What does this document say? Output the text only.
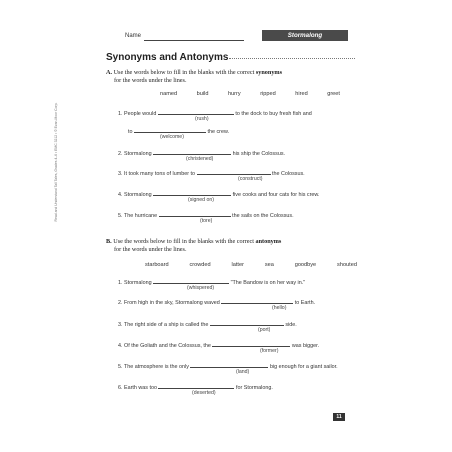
Name	Stormalong
Synonyms and Antonyms
A. Use the words below to fill in the blanks with the correct synonyms
for the words under the lines.
named	build	hurry	ripped	hired	greet
1. People would	to the dock to buy fresh fish and
(rush)
to	the crew.
(welcome)
2. Stormalong	his ship the Colossus.
(christened)
3. It took many tons of lumber to	the Colossus.
(construct)
4. Stormalong	five cooks and four cats for his crew.
(signed on)
5. The hurricane	the sails on the Colossus.
(tore)
B. Use the words below to fill in the blanks with the correct antonyms
for the words under the lines.
starboard	crowded	latter	sea	goodbye	shouted
1. Stormalong	"The Bandow is on her way in."
(whispered)
2. From high in the sky, Stormalong waved	to Earth.
(hello)
3. The right side of a ship is called the	side.
(port)
4. Of the Goliath and the Colossus, the	was bigger.
(former)
5. The atmosphere is the only	big enough for a giant sailor.
(land)
6. Earth was too	for Stormalong.
(deserted)
Read and Understand Tall Tales, Grades 4–6 • EMC 3212 • © Evan-Moor Corp.
11
